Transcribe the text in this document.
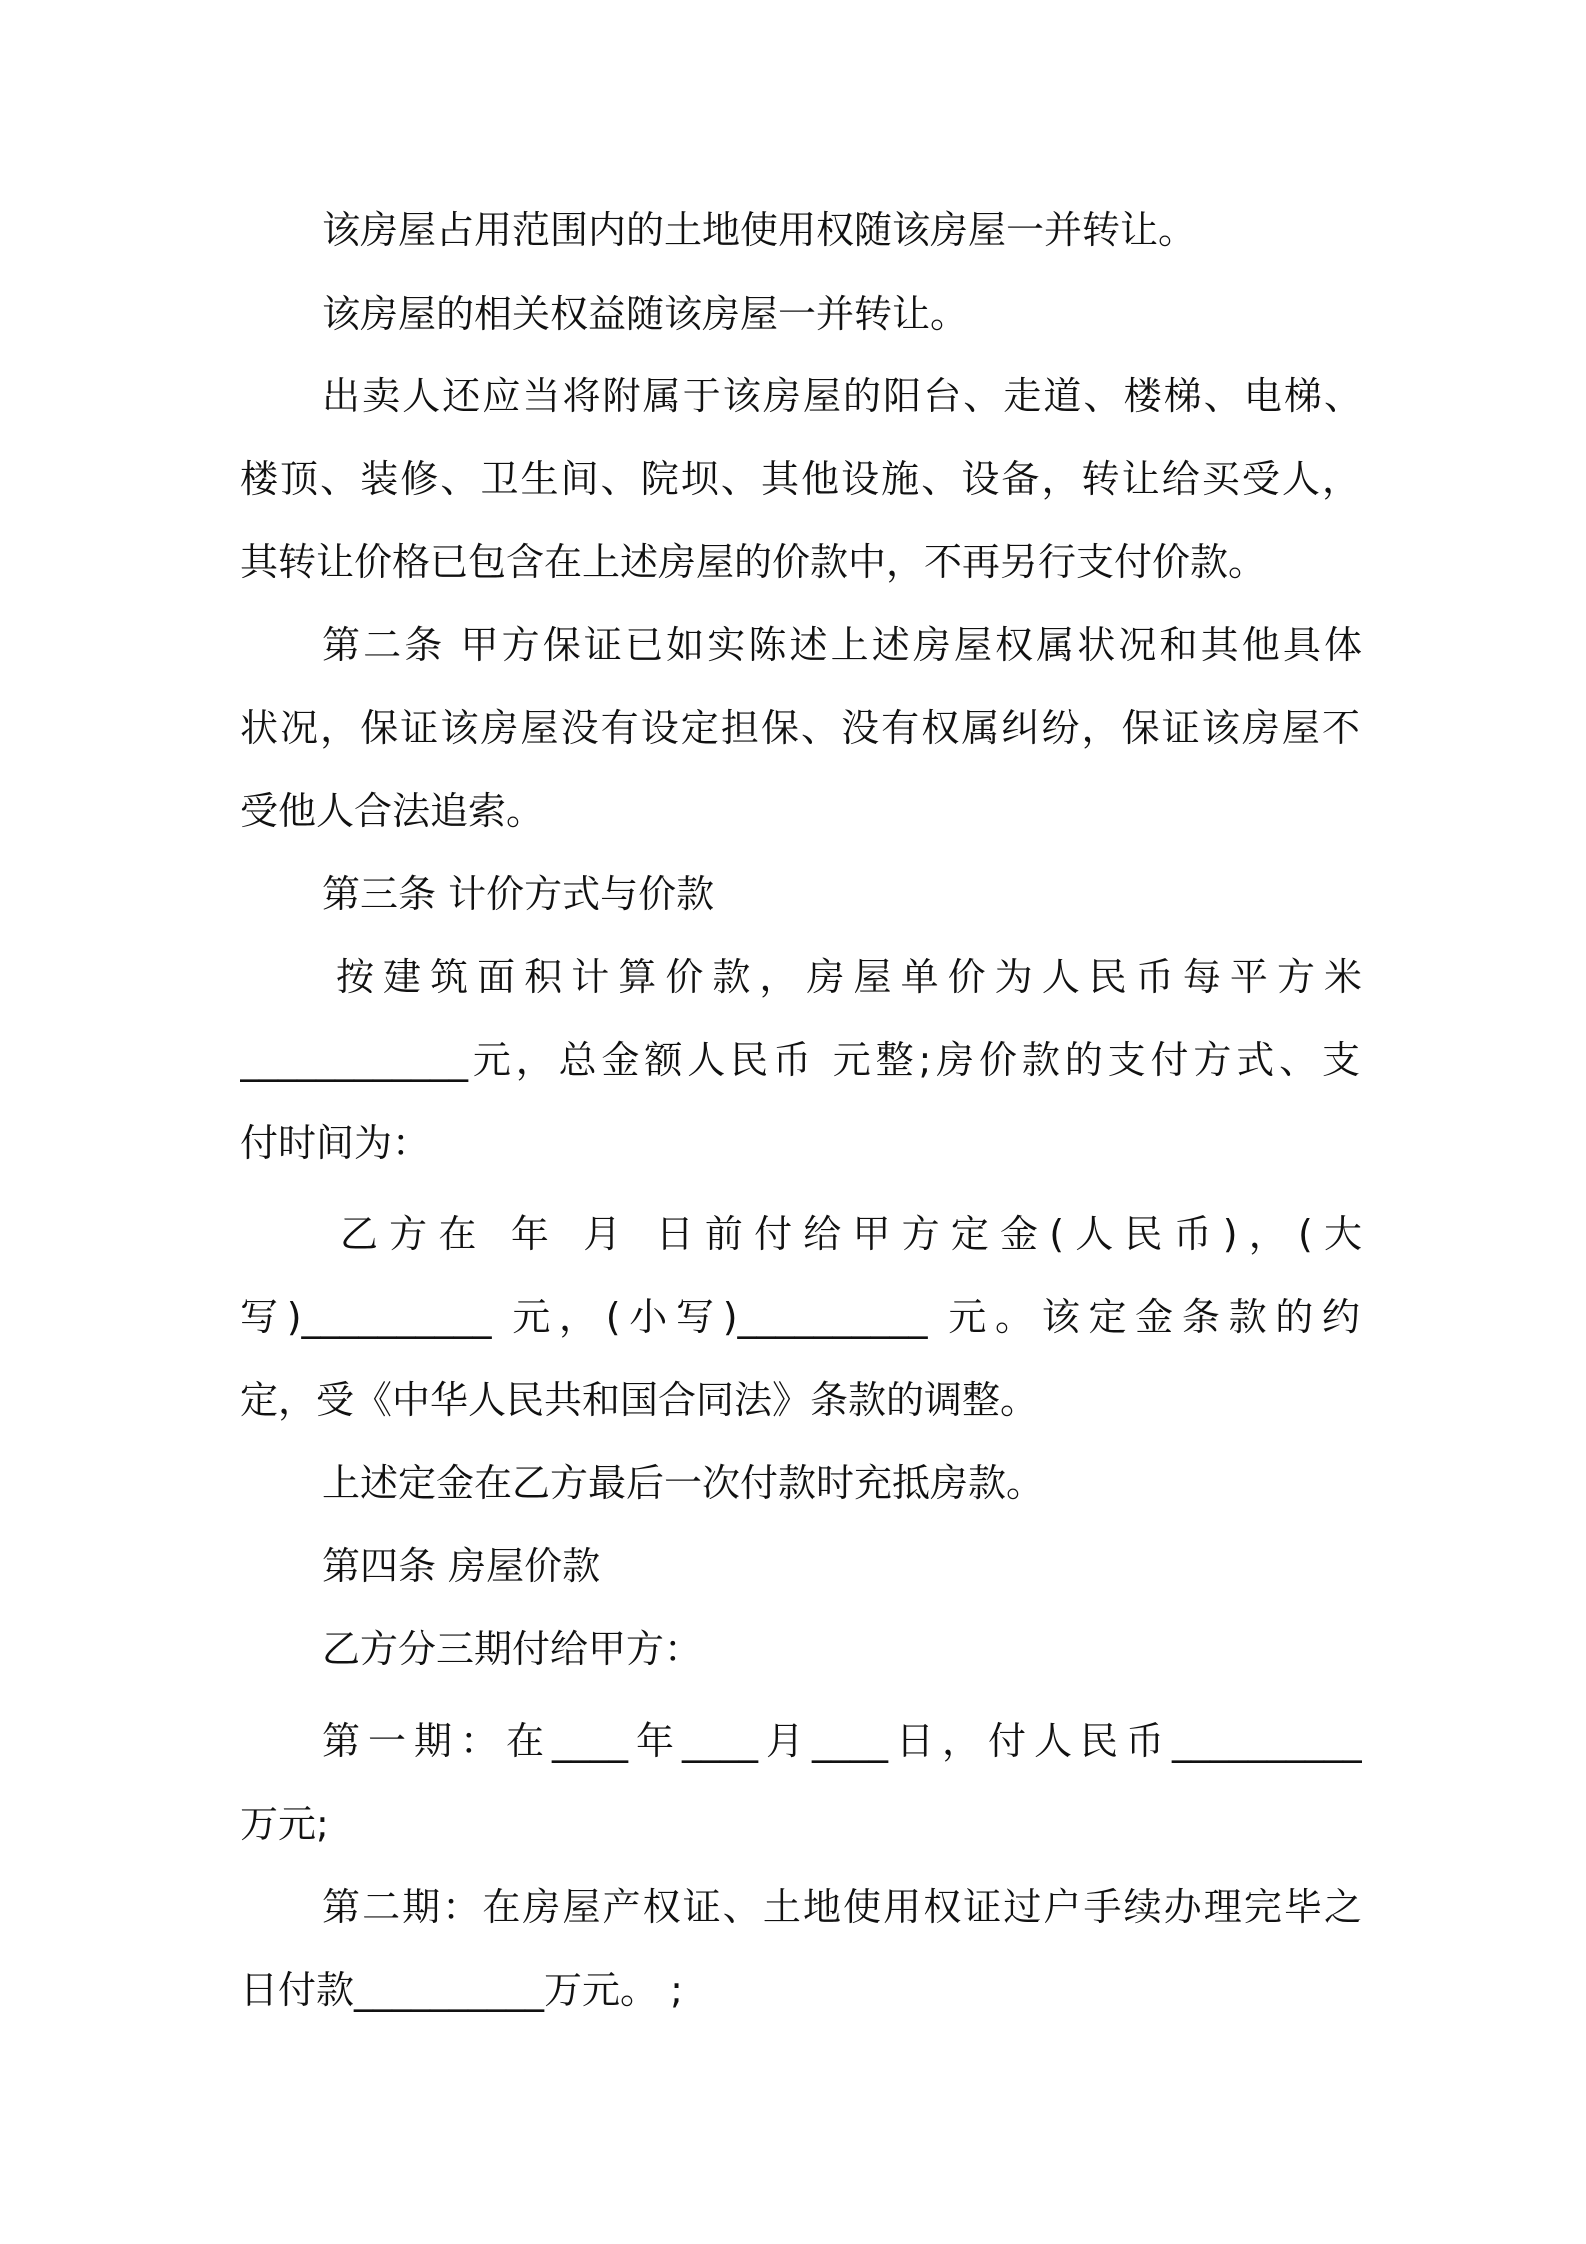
该房屋占用范围内的土地使用权随该房屋一并转让。
该房屋的相关权益随该房屋一并转让。
出卖人还应当将附属于该房屋的阳台、走道、楼梯、电梯、
楼顶、装修、卫生间、院坝、其他设施、设备，转让给买受人，
其转让价格已包含在上述房屋的价款中，不再另行支付价款。
第二条 甲方保证已如实陈述上述房屋权属状况和其他具体
状况，保证该房屋没有设定担保、没有权属纠纷，保证该房屋不
受他人合法追索。
第三条 计价方式与价款
按建筑面积计算价款，房屋单价为人民币每平方米
____________元，总金额人民币 元整;房价款的支付方式、支
付时间为：
乙方在 年 月 日前付给甲方定金(人民币)，(大
写)__________ 元，(小写)__________ 元。该定金条款的约
定，受《中华人民共和国合同法》条款的调整。
上述定金在乙方最后一次付款时充抵房款。
第四条 房屋价款
乙方分三期付给甲方：
第一期：在____年____月____日，付人民币__________
万元;
第二期：在房屋产权证、土地使用权证过户手续办理完毕之
日付款__________万元。 ;
